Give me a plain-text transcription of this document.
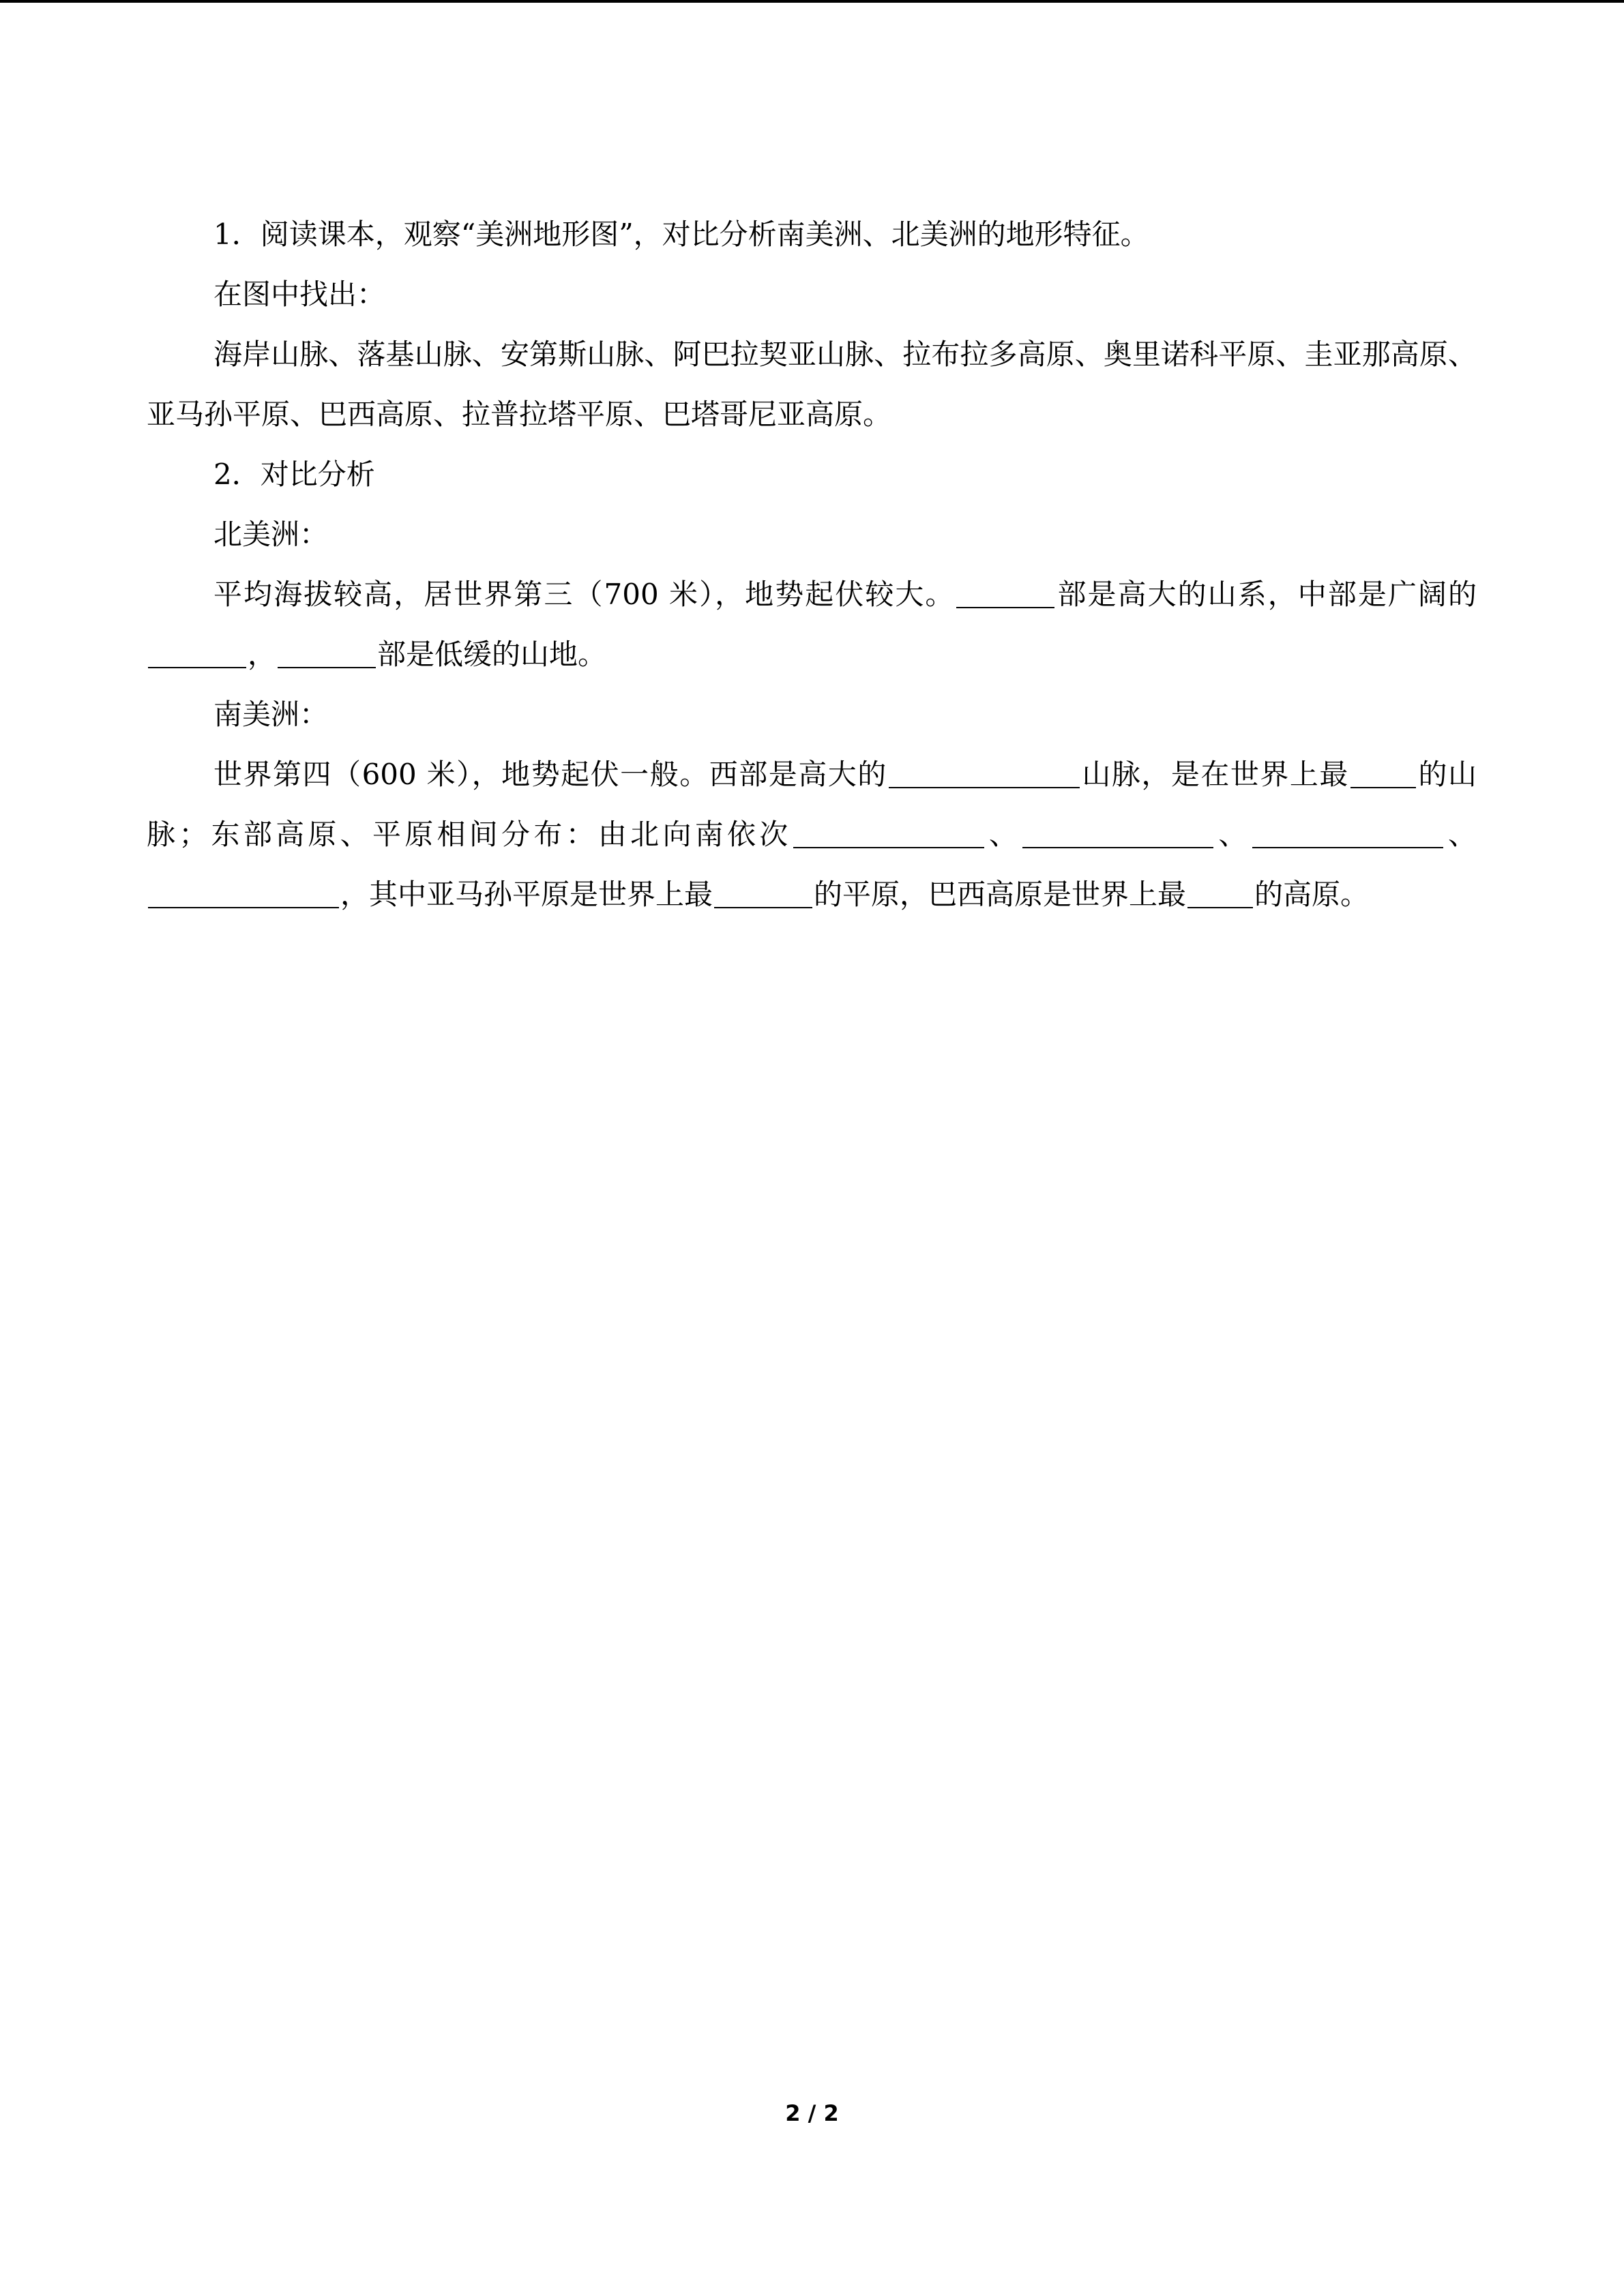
1．阅读课本，观察“美洲地形图”，对比分析南美洲、北美洲的地形特征。

在图中找出：

海岸山脉、落基山脉、安第斯山脉、阿巴拉契亚山脉、拉布拉多高原、奥里诺科平原、圭亚那高原、亚马孙平原、巴西高原、拉普拉塔平原、巴塔哥尼亚高原。

2．对比分析

北美洲：

平均海拔较高，居世界第三（700 米），地势起伏较大。	部是高大的山系，中部是广阔的，	部是低缓的山地。

南美洲：

世界第四（600 米），地势起伏一般。西部是高大的	山脉，是在世界上最 的山脉；东部高原、平原相间分布：由北向南依次	、	、	、，其中亚马孙平原是世界上最	的平原，巴西高原是世界上最 的高原。

2 / 2
